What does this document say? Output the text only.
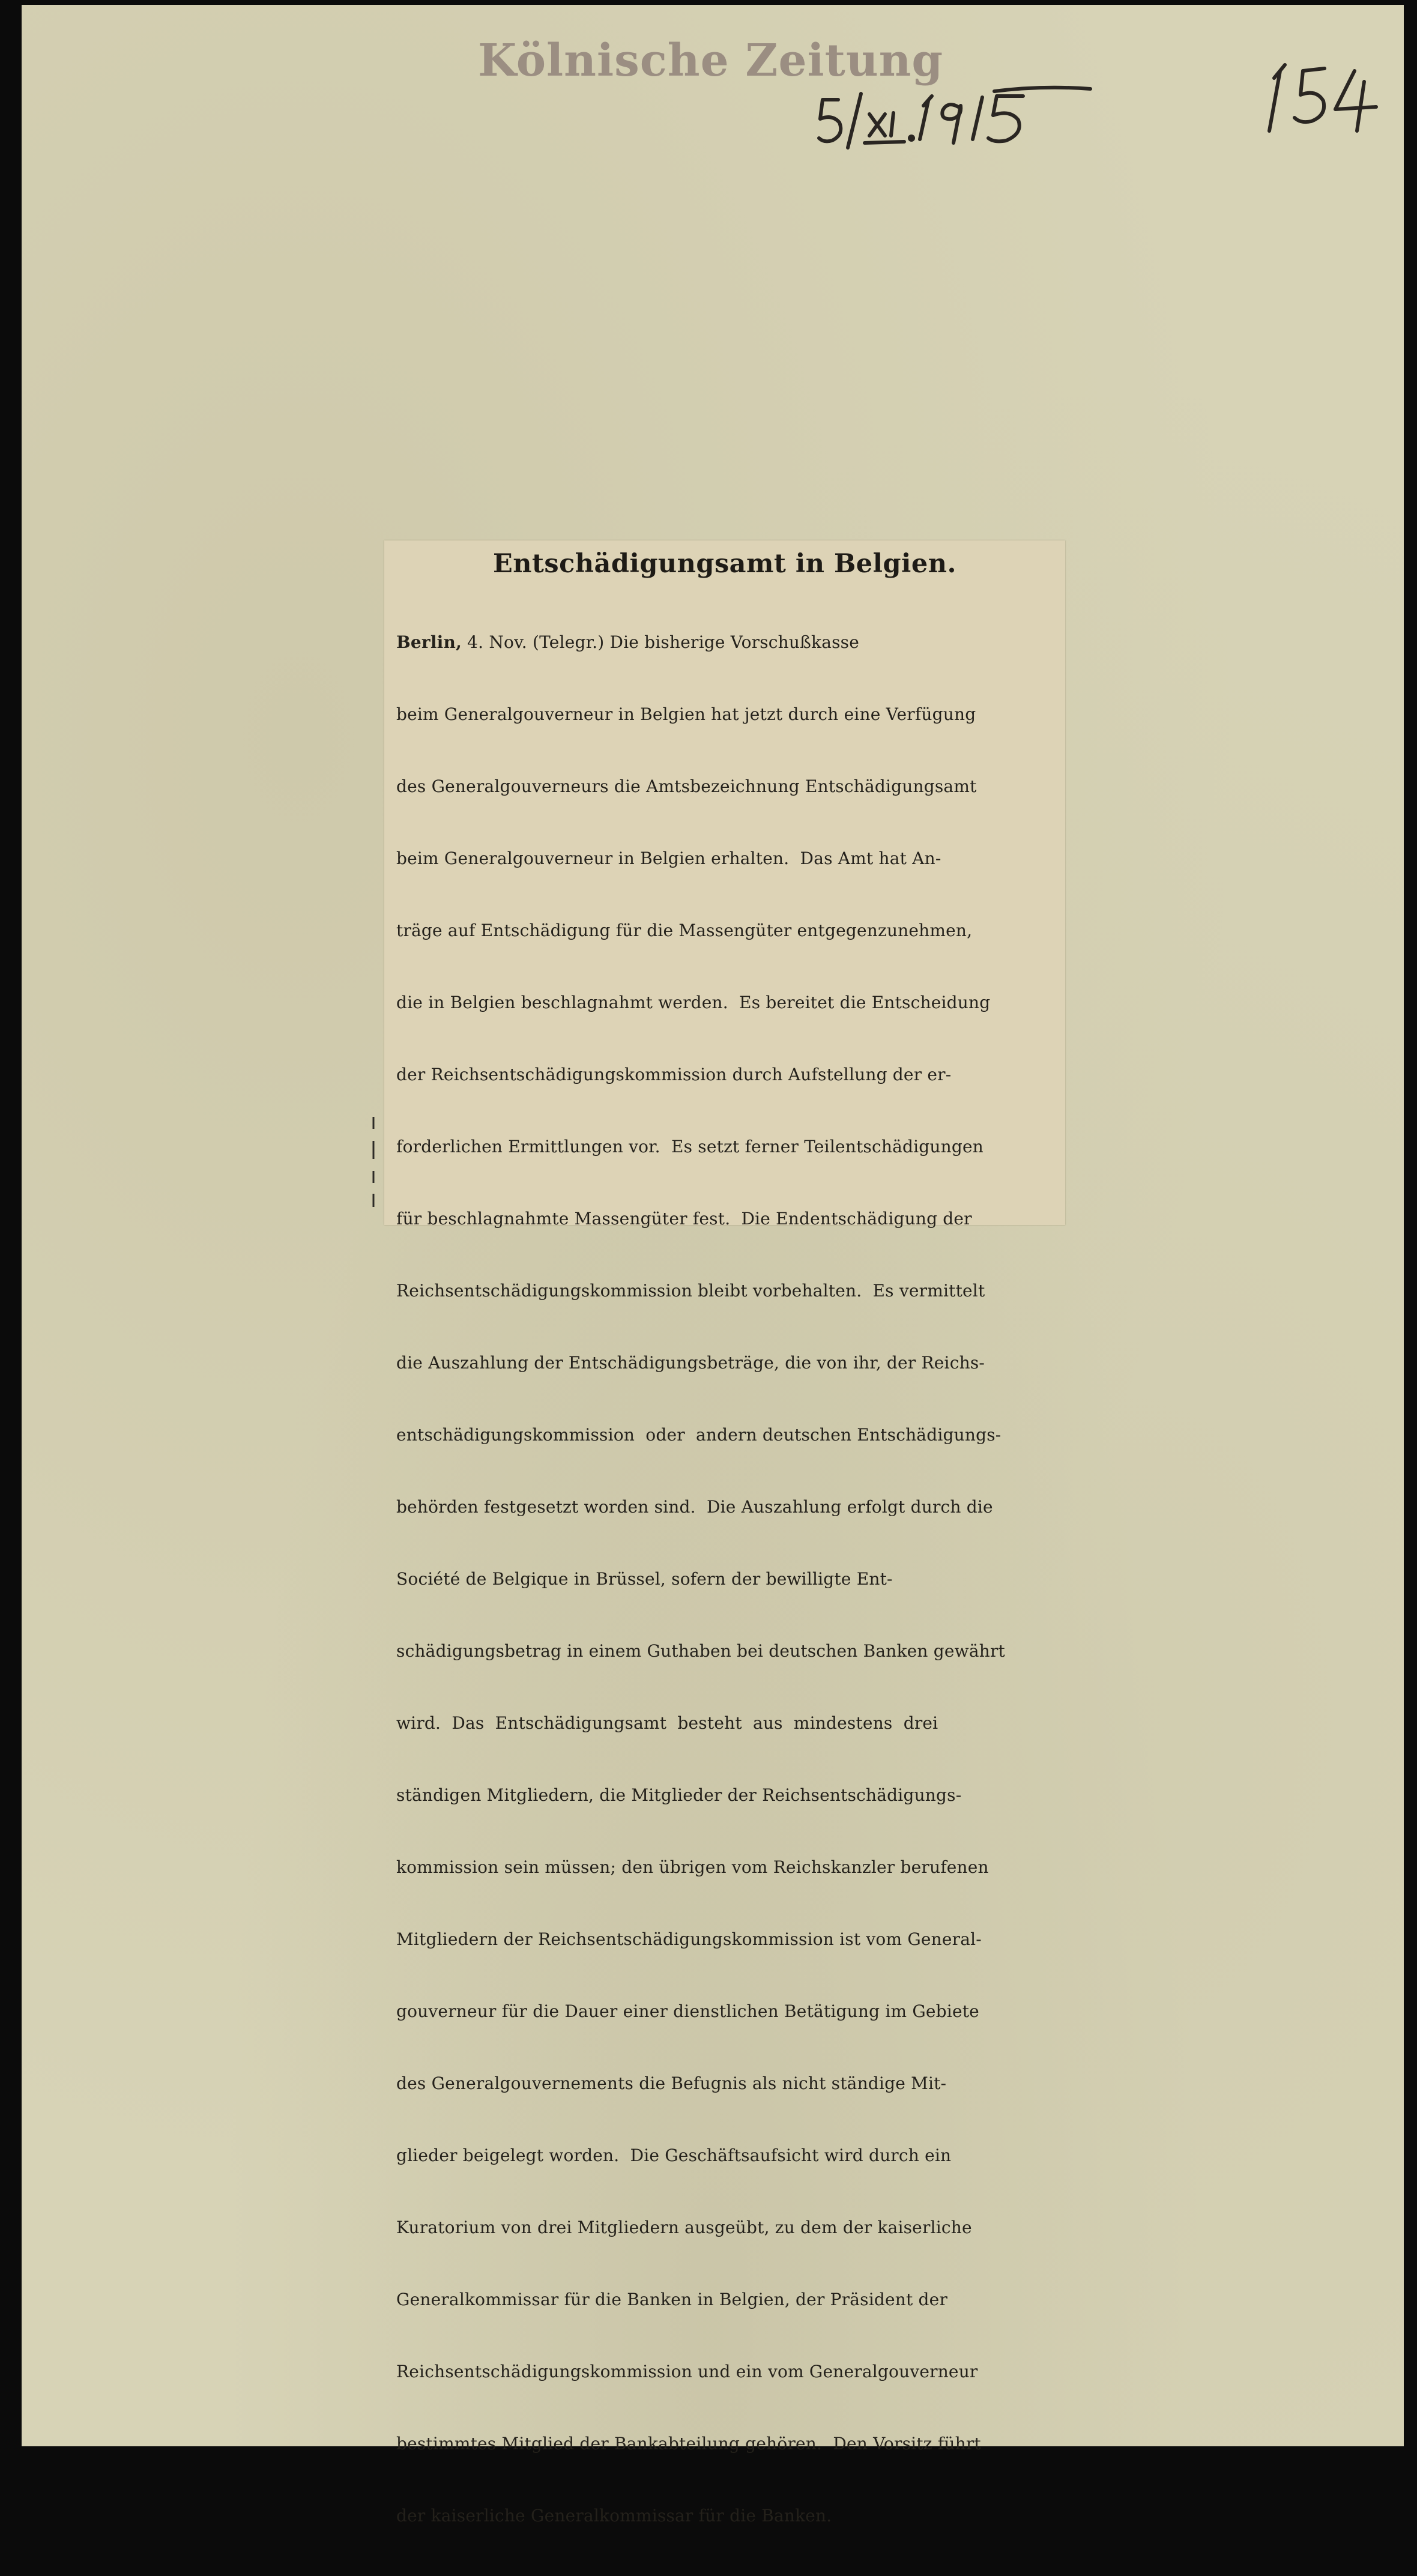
Kölnische Zeitung
Entschädigungsamt in Belgien.

Berlin, 4. Nov. (Telegr.) Die bisherige Vorschußkasse

beim Generalgouverneur in Belgien hat jetzt durch eine Verfügung

des Generalgouverneurs die Amtsbezeichnung Entschädigungsamt

beim Generalgouverneur in Belgien erhalten.  Das Amt hat An-

träge auf Entschädigung für die Massengüter entgegenzunehmen,

die in Belgien beschlagnahmt werden.  Es bereitet die Entscheidung

der Reichsentschädigungskommission durch Aufstellung der er-

forderlichen Ermittlungen vor.  Es setzt ferner Teilentschädigungen

für beschlagnahmte Massengüter fest.  Die Endentschädigung der

Reichsentschädigungskommission bleibt vorbehalten.  Es vermittelt

die Auszahlung der Entschädigungsbeträge, die von ihr, der Reichs-

entschädigungskommission  oder  andern deutschen Entschädigungs-

behörden festgesetzt worden sind.  Die Auszahlung erfolgt durch die

Société de Belgique in Brüssel, sofern der bewilligte Ent-

schädigungsbetrag in einem Guthaben bei deutschen Banken gewährt

wird.  Das  Entschädigungsamt  besteht  aus  mindestens  drei

ständigen Mitgliedern, die Mitglieder der Reichsentschädigungs-

kommission sein müssen; den übrigen vom Reichskanzler berufenen

Mitgliedern der Reichsentschädigungskommission ist vom General-

gouverneur für die Dauer einer dienstlichen Betätigung im Gebiete

des Generalgouvernements die Befugnis als nicht ständige Mit-

glieder beigelegt worden.  Die Geschäftsaufsicht wird durch ein

Kuratorium von drei Mitgliedern ausgeübt, zu dem der kaiserliche

Generalkommissar für die Banken in Belgien, der Präsident der

Reichsentschädigungskommission und ein vom Generalgouverneur

bestimmtes Mitglied der Bankabteilung gehören.  Den Vorsitz führt

der kaiserliche Generalkommissar für die Banken.
